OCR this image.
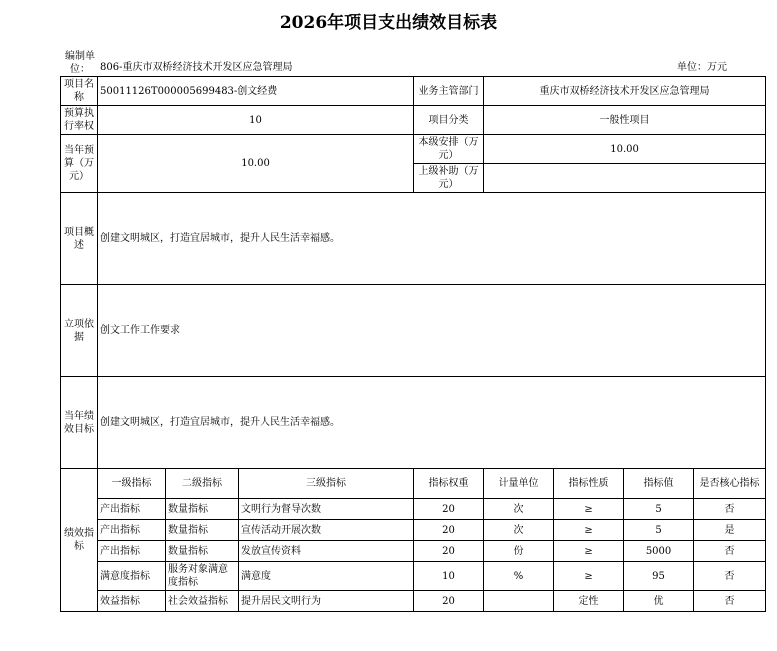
2026年项目支出绩效目标表
编制单位：	806-重庆市双桥经济技术开发区应急管理局	单位：万元
项目名称	50011126T000005699483-创文经费			业务主管部门	重庆市双桥经济技术开发区应急管理局			
预算执行率权	10			项目分类	一般性项目			
当年预算（万元）	10.00			本级安排（万元）	10.00			
				上级补助（万元）				
项目概述	创建文明城区，打造宜居城市，提升人民生活幸福感。							
立项依据	创文工作工作要求							
当年绩效目标	创建文明城区，打造宜居城市，提升人民生活幸福感。							
绩效指标	一级指标	二级指标	三级指标	指标权重	计量单位	指标性质	指标值	是否核心指标
	产出指标	数量指标	文明行为督导次数	20	次	≥	5	否
	产出指标	数量指标	宣传活动开展次数	20	次	≥	5	是
	产出指标	数量指标	发放宣传资料	20	份	≥	5000	否
	满意度指标	服务对象满意度指标	满意度	10	%	≥	95	否
	效益指标	社会效益指标	提升居民文明行为	20		定性	优	否
